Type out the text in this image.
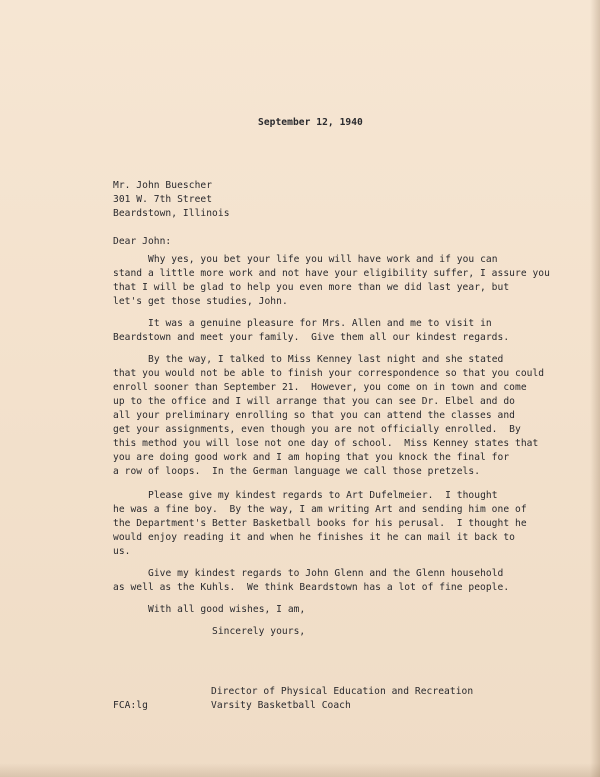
September 12, 1940
Mr. John Buescher
301 W. 7th Street
Beardstown, Illinois
Dear John:
Why yes, you bet your life you will have work and if you can
stand a little more work and not have your eligibility suffer, I assure you
that I will be glad to help you even more than we did last year, but
let's get those studies, John.
It was a genuine pleasure for Mrs. Allen and me to visit in
Beardstown and meet your family.  Give them all our kindest regards.
By the way, I talked to Miss Kenney last night and she stated
that you would not be able to finish your correspondence so that you could
enroll sooner than September 21.  However, you come on in town and come
up to the office and I will arrange that you can see Dr. Elbel and do
all your preliminary enrolling so that you can attend the classes and
get your assignments, even though you are not officially enrolled.  By
this method you will lose not one day of school.  Miss Kenney states that
you are doing good work and I am hoping that you knock the final for
a row of loops.  In the German language we call those pretzels.
Please give my kindest regards to Art Dufelmeier.  I thought
he was a fine boy.  By the way, I am writing Art and sending him one of
the Department's Better Basketball books for his perusal.  I thought he
would enjoy reading it and when he finishes it he can mail it back to
us.
Give my kindest regards to John Glenn and the Glenn household
as well as the Kuhls.  We think Beardstown has a lot of fine people.
With all good wishes, I am,
Sincerely yours,
Director of Physical Education and Recreation
FCA:lg	Varsity Basketball Coach
